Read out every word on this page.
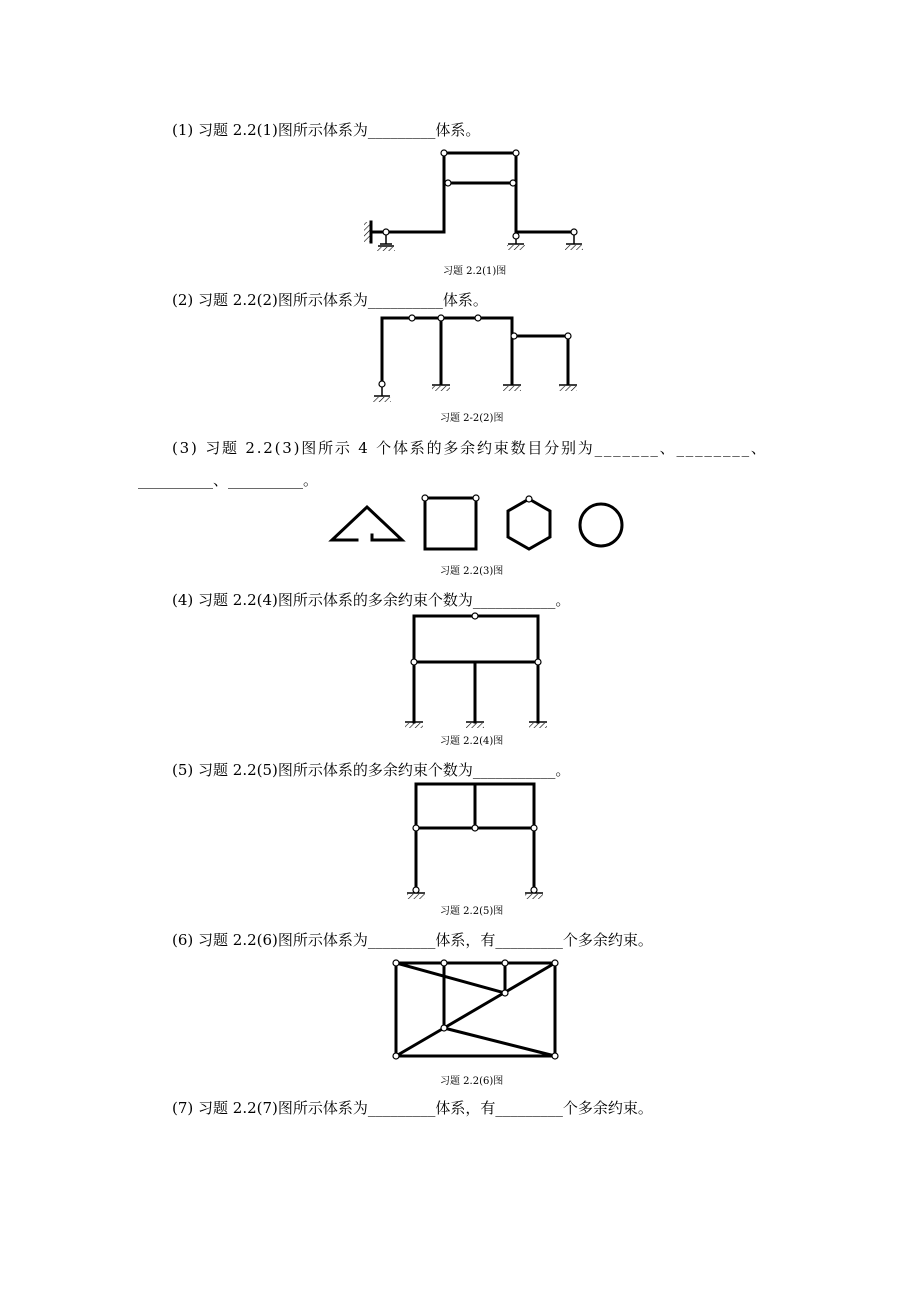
(1) 习题 2.2(1)图所示体系为_________体系。
(2) 习题 2.2(2)图所示体系为__________体系。
(3) 习题 2.2(3)图所示 4 个体系的多余约束数目分别为_______、________、
__________、__________。
(4) 习题 2.2(4)图所示体系的多余约束个数为___________。
(5) 习题 2.2(5)图所示体系的多余约束个数为___________。
(6) 习题 2.2(6)图所示体系为_________体系，有_________个多余约束。
(7) 习题 2.2(7)图所示体系为_________体系，有_________个多余约束。
习题 2.2(1)图
习题 2-2(2)图
习题 2.2(3)图
习题 2.2(4)图
习题 2.2(5)图
习题 2.2(6)图
